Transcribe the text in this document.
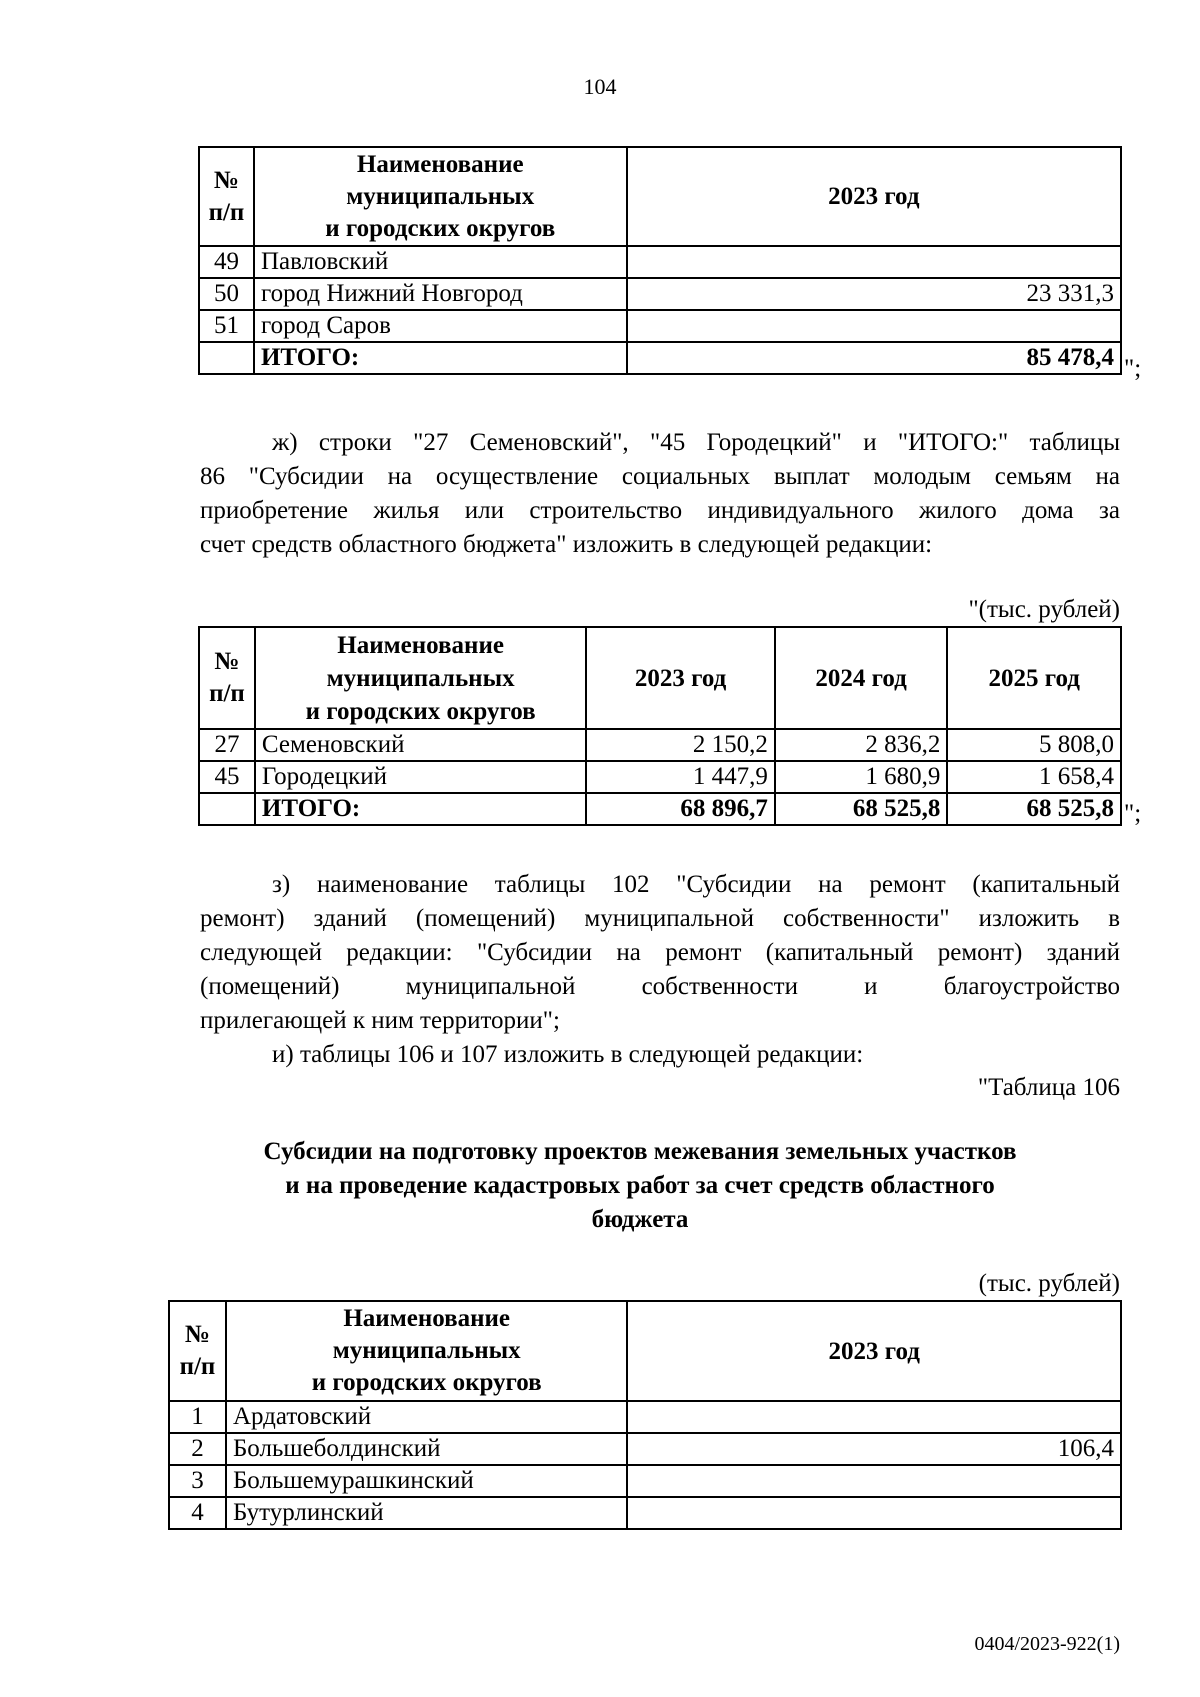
104
№
п/п	Наименование
муниципальных
и городских округов	2023 год
49	Павловский	
50	город Нижний Новгород	23 331,3
51	город Саров	
	ИТОГО:	85 478,4 ";
ж) строки "27 Семеновский", "45 Городецкий" и "ИТОГО:" таблицы
86 "Субсидии на осуществление социальных выплат молодым семьям на
приобретение жилья или строительство индивидуального жилого дома за
счет средств областного бюджета" изложить в следующей редакции:
"(тыс. рублей)
№
п/п	Наименование
муниципальных
и городских округов	2023 год	2024 год	2025 год
27	Семеновский	2 150,2	2 836,2	5 808,0
45	Городецкий	1 447,9	1 680,9	1 658,4
	ИТОГО:	68 896,7	68 525,8	68 525,8 ";
з) наименование таблицы 102 "Субсидии на ремонт (капитальный
ремонт) зданий (помещений) муниципальной собственности" изложить в
следующей редакции: "Субсидии на ремонт (капитальный ремонт) зданий
(помещений) муниципальной собственности и благоустройство
прилегающей к ним территории";
и) таблицы 106 и 107 изложить в следующей редакции:
"Таблица 106
Субсидии на подготовку проектов межевания земельных участков
и на проведение кадастровых работ за счет средств областного
бюджета
(тыс. рублей)
№
п/п	Наименование
муниципальных
и городских округов	2023 год
1	Ардатовский	
2	Большеболдинский	106,4
3	Большемурашкинский	
4	Бутурлинский	
0404/2023-922(1)
